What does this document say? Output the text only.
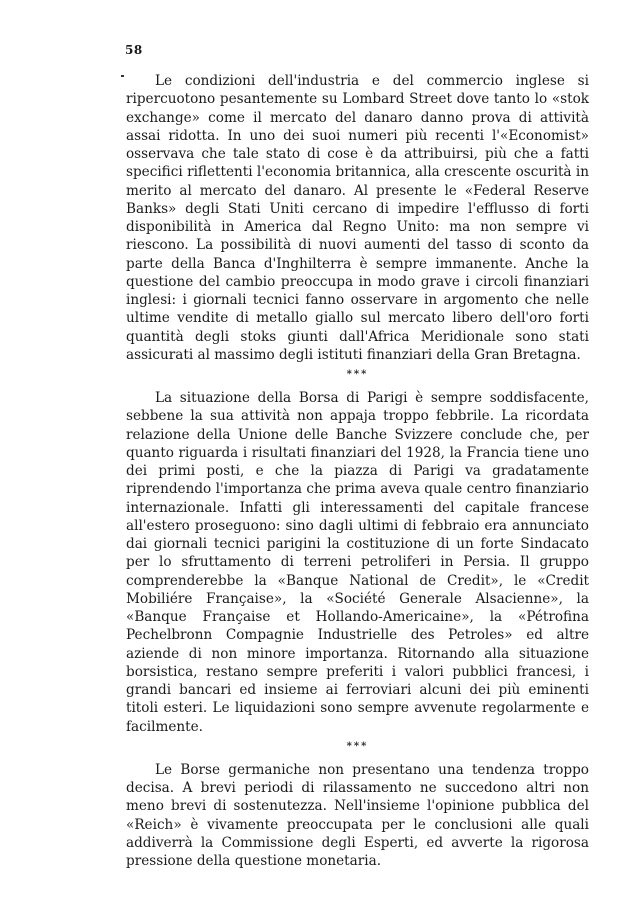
58

Le condizioni dell'industria e del commercio inglese si ripercuotono pesantemente su Lombard Street dove tanto lo «stok exchange» come il mercato del danaro danno prova di attività assai ridotta. In uno dei suoi numeri più recenti l'«Economist» osservava che tale stato di cose è da attribuirsi, più che a fatti specifici riflettenti l'economia britannica, alla crescente oscurità in merito al mercato del danaro. Al presente le «Federal Reserve Banks» degli Stati Uniti cercano di impedire l'efflusso di forti disponibilità in America dal Regno Unito: ma non sempre vi riescono. La possibilità di nuovi aumenti del tasso di sconto da parte della Banca d'Inghilterra è sempre immanente. Anche la questione del cambio preoccupa in modo grave i circoli finanziari inglesi: i giornali tecnici fanno osservare in argomento che nelle ultime vendite di metallo giallo sul mercato libero dell'oro forti quantità degli stoks giunti dall'Africa Meridionale sono stati assicurati al massimo degli istituti finanziari della Gran Bretagna.

***

La situazione della Borsa di Parigi è sempre soddisfacente, sebbene la sua attività non appaja troppo febbrile. La ricordata relazione della Unione delle Banche Svizzere conclude che, per quanto riguarda i risultati finanziari del 1928, la Francia tiene uno dei primi posti, e che la piazza di Parigi va gradatamente riprendendo l'importanza che prima aveva quale centro finanziario internazionale. Infatti gli interessamenti del capitale francese all'estero proseguono: sino dagli ultimi di febbraio era annunciato dai giornali tecnici parigini la costituzione di un forte Sindacato per lo sfruttamento di terreni petroliferi in Persia. Il gruppo comprenderebbe la «Banque National de Credit», le «Credit Mobiliére Française», la «Société Generale Alsacienne», la «Banque Française et Hollando-Americaine», la «Pétrofina Pechelbronn Compagnie Industrielle des Petroles» ed altre aziende di non minore importanza. Ritornando alla situazione borsistica, restano sempre preferiti i valori pubblici francesi, i grandi bancari ed insieme ai ferroviari alcuni dei più eminenti titoli esteri. Le liquidazioni sono sempre avvenute regolarmente e facilmente.

***

Le Borse germaniche non presentano una tendenza troppo decisa. A brevi periodi di rilassamento ne succedono altri non meno brevi di sostenutezza. Nell'insieme l'opinione pubblica del «Reich» è vivamente preoccupata per le conclusioni alle quali addiverrà la Commissione degli Esperti, ed avverte la rigorosa pressione della questione monetaria.
